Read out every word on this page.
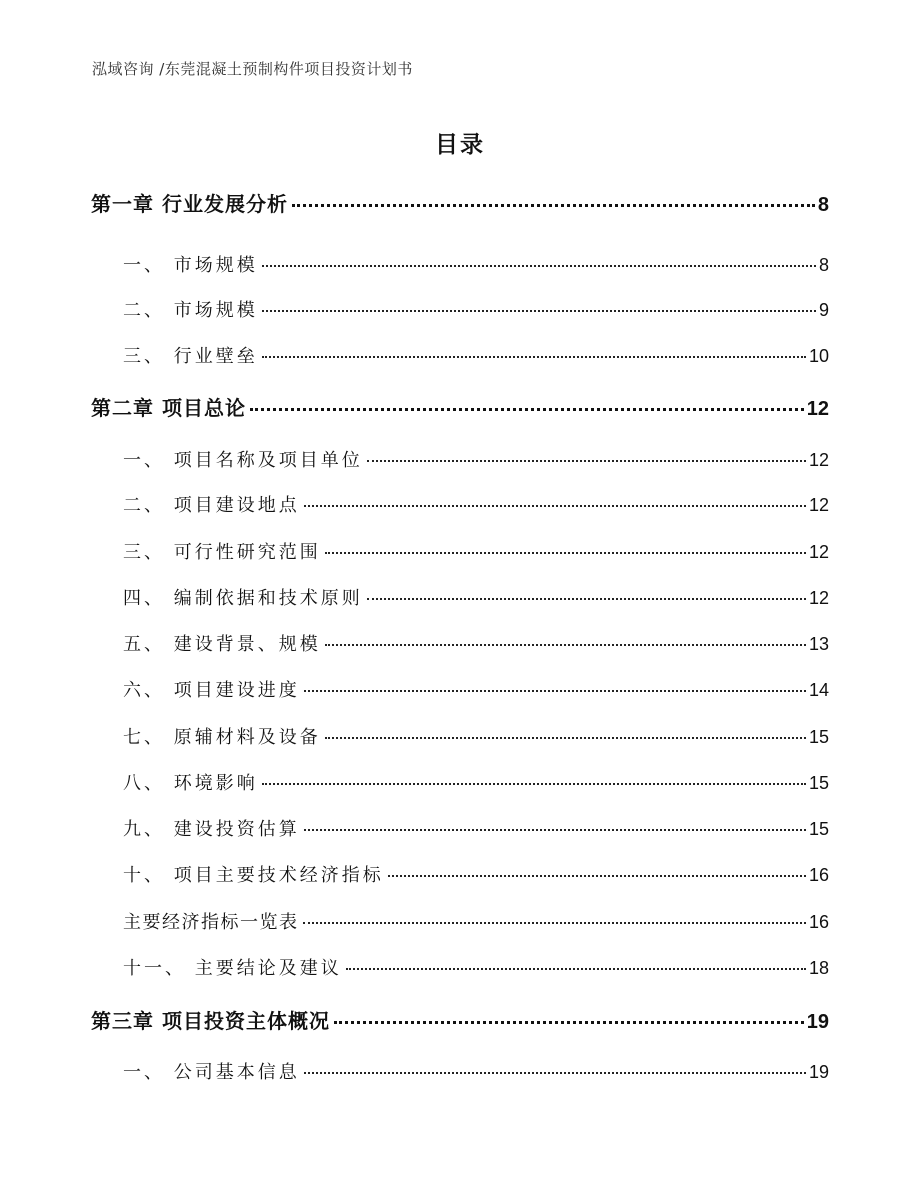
泓域咨询 /东莞混凝土预制构件项目投资计划书
目录
第一章 行业发展分析	8
一、 市场规模	8
二、 市场规模	9
三、 行业壁垒	10
第二章 项目总论	12
一、 项目名称及项目单位	12
二、 项目建设地点	12
三、 可行性研究范围	12
四、 编制依据和技术原则	12
五、 建设背景、规模	13
六、 项目建设进度	14
七、 原辅材料及设备	15
八、 环境影响	15
九、 建设投资估算	15
十、 项目主要技术经济指标	16
主要经济指标一览表	16
十一、 主要结论及建议	18
第三章 项目投资主体概况	19
一、 公司基本信息	19
